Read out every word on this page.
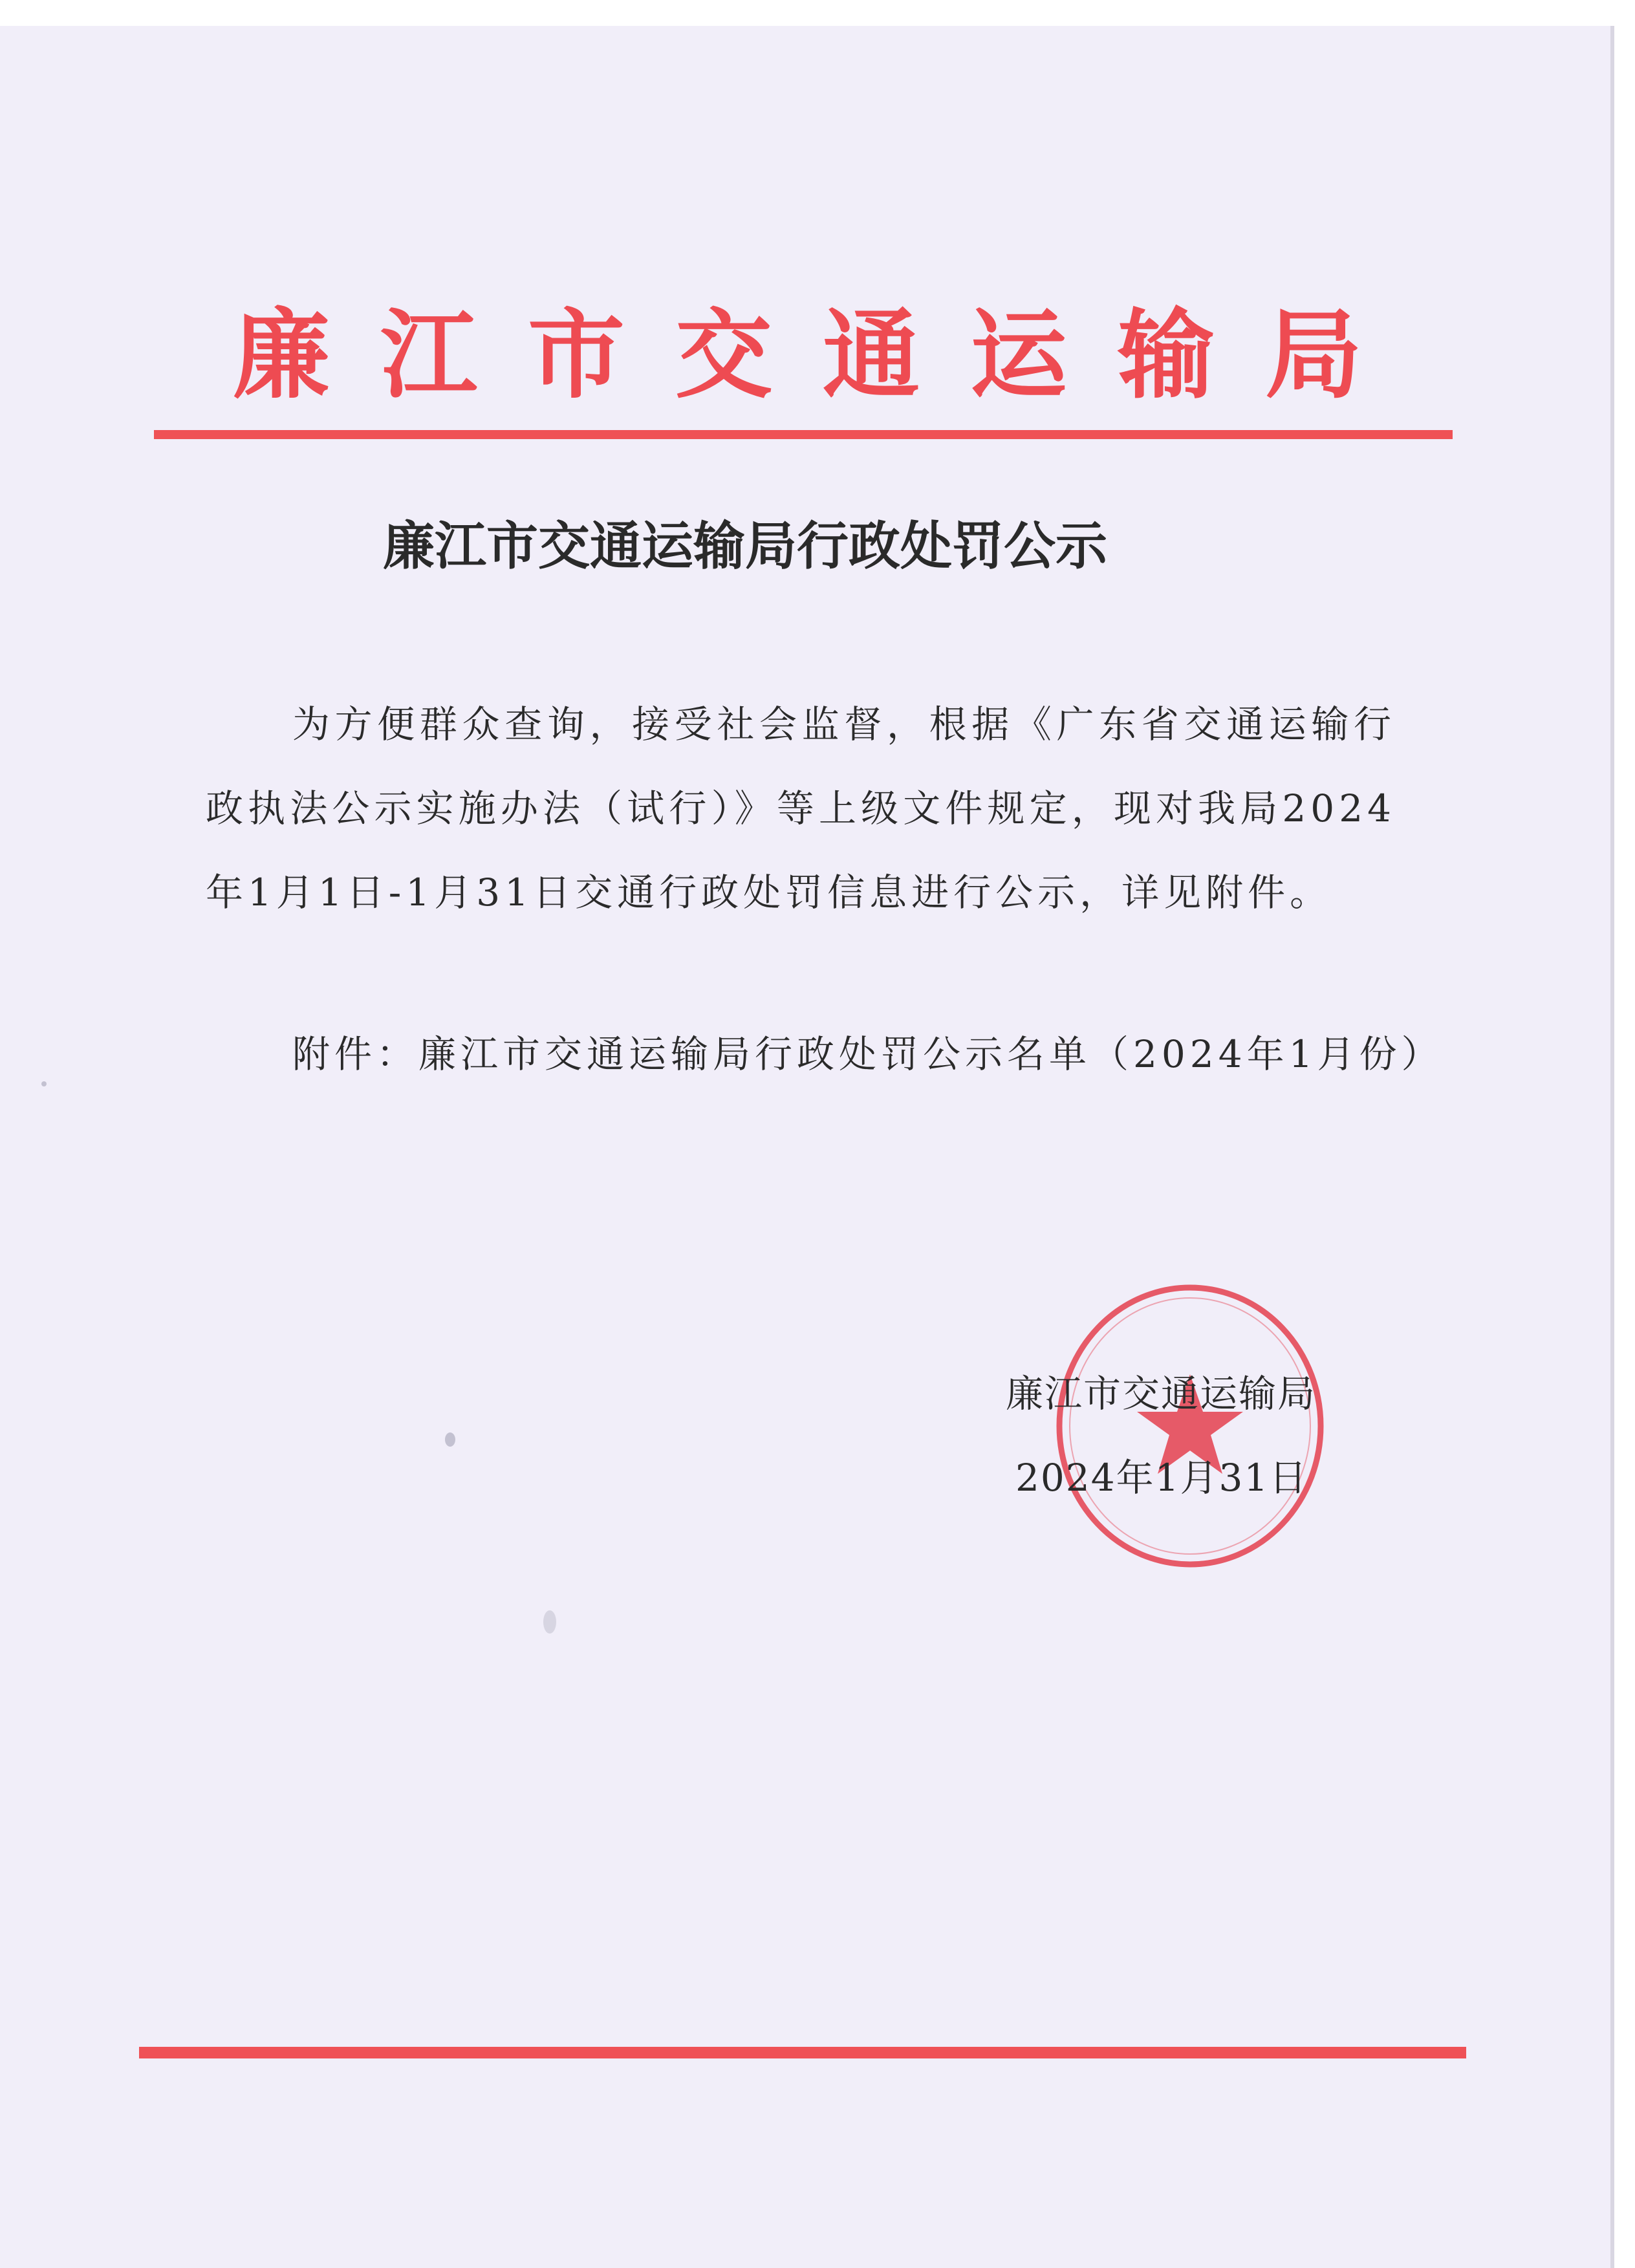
廉江市交通运输局
廉江市交通运输局行政处罚公示
为方便群众查询，接受社会监督，根据《广东省交通运输行政执法公示实施办法（试行）》等上级文件规定，现对我局2024年1月1日-1月31日交通行政处罚信息进行公示，详见附件。
附件：廉江市交通运输局行政处罚公示名单（2024年1月份）
廉江市交通运输局
2024年1月31日
